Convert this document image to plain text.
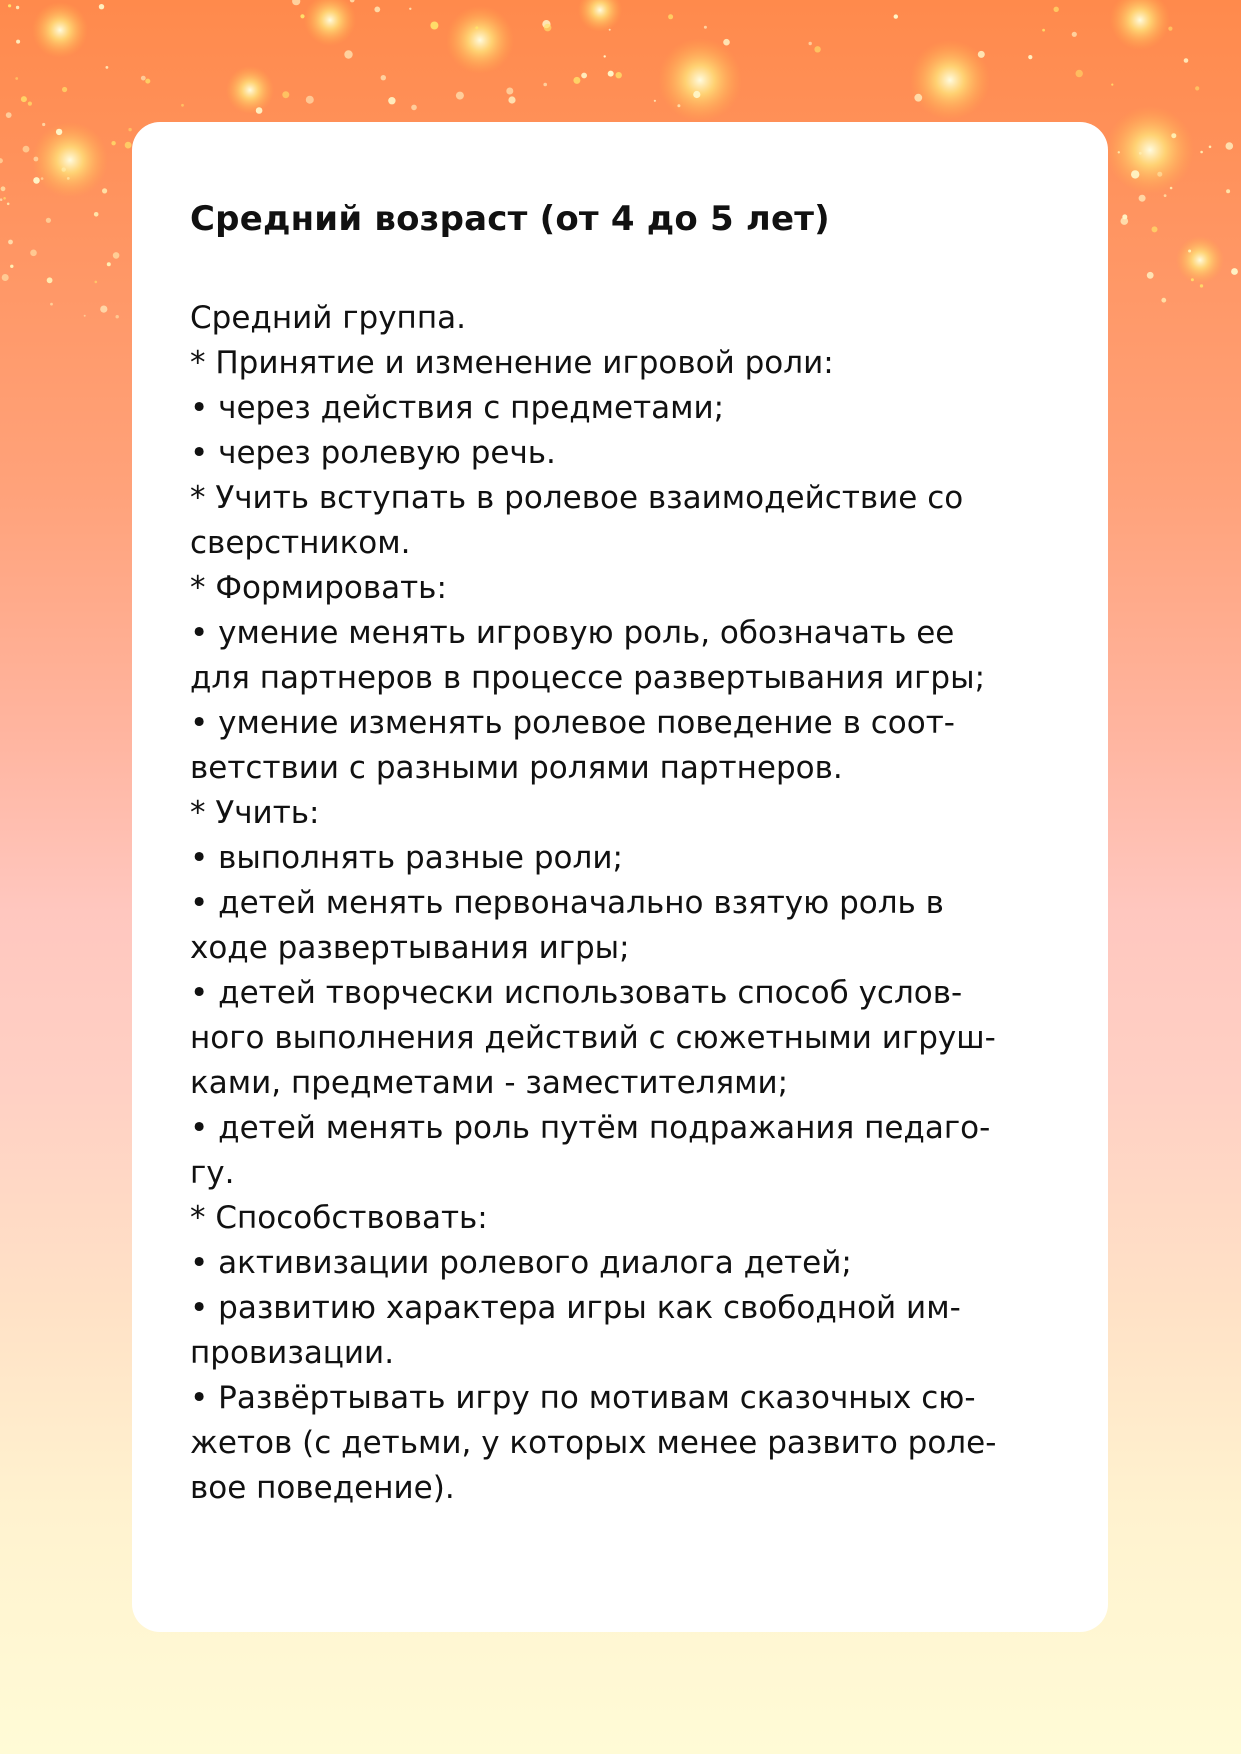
Средний возраст (от 4 до 5 лет)
Средний группа.
* Принятие и изменение игровой роли:
• через действия с предметами;
• через ролевую речь.
* Учить вступать в ролевое взаимодействие со
сверстником.
* Формировать:
• умение менять игровую роль, обозначать ее
для партнеров в процессе развертывания игры;
• умение изменять ролевое поведение в соот-
ветствии с разными ролями партнеров.
* Учить:
• выполнять разные роли;
• детей менять первоначально взятую роль в
ходе развертывания игры;
• детей творчески использовать способ услов-
ного выполнения действий с сюжетными игруш-
ками, предметами - заместителями;
• детей менять роль путём подражания педаго-
гу.
* Способствовать:
• активизации ролевого диалога детей;
• развитию характера игры как свободной им-
провизации.
• Развёртывать игру по мотивам сказочных сю-
жетов (с детьми, у которых менее развито роле-
вое поведение).
